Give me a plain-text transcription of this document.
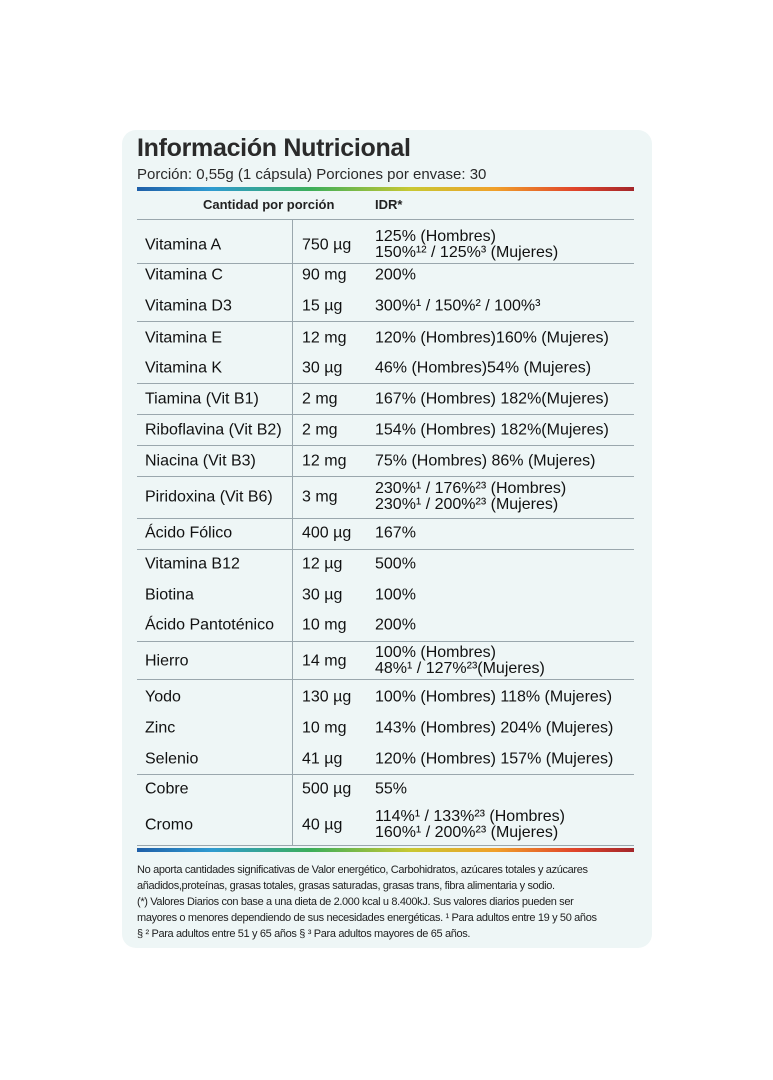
Información Nutricional
Porción: 0,55g (1 cápsula) Porciones por envase: 30
Cantidad por porción	IDR*
Vitamina A	750 µg 125% (Hombres)
150%¹² / 125%³ (Mujeres)
Vitamina C	90 mg 200%
Vitamina D3	15 µg 300%¹ / 150%² / 100%³
Vitamina E	12 mg 120% (Hombres)160% (Mujeres)
Vitamina K	30 µg 46% (Hombres)54% (Mujeres)
Tiamina (Vit B1)	2 mg 167% (Hombres) 182%(Mujeres)
Riboflavina (Vit B2) 2 mg 154% (Hombres) 182%(Mujeres)
Niacina (Vit B3)	12 mg 75% (Hombres) 86% (Mujeres)
Piridoxina (Vit B6) 3 mg 230%¹ / 176%²³ (Hombres)
230%¹ / 200%²³ (Mujeres)
Ácido Fólico	400 µg 167%
Vitamina B12	12 µg 500%
Biotina	30 µg 100%
Ácido Pantoténico 10 mg 200%
Hierro	14 mg 100% (Hombres)
48%¹ / 127%²³(Mujeres)
Yodo	130 µg 100% (Hombres) 118% (Mujeres)
Zinc	10 mg 143% (Hombres) 204% (Mujeres)
Selenio	41 µg 120% (Hombres) 157% (Mujeres)
Cobre	500 µg 55%
Cromo	40 µg 114%¹ / 133%²³ (Hombres)
160%¹ / 200%²³ (Mujeres)
No aporta cantidades significativas de Valor energético, Carbohidratos, azúcares totales y azúcares
añadidos,proteínas, grasas totales, grasas saturadas, grasas trans, fibra alimentaria y sodio.
(*) Valores Diarios con base a una dieta de 2.000 kcal u 8.400kJ. Sus valores diarios pueden ser
mayores o menores dependiendo de sus necesidades energéticas. ¹ Para adultos entre 19 y 50 años
§ ² Para adultos entre 51 y 65 años § ³ Para adultos mayores de 65 años.
